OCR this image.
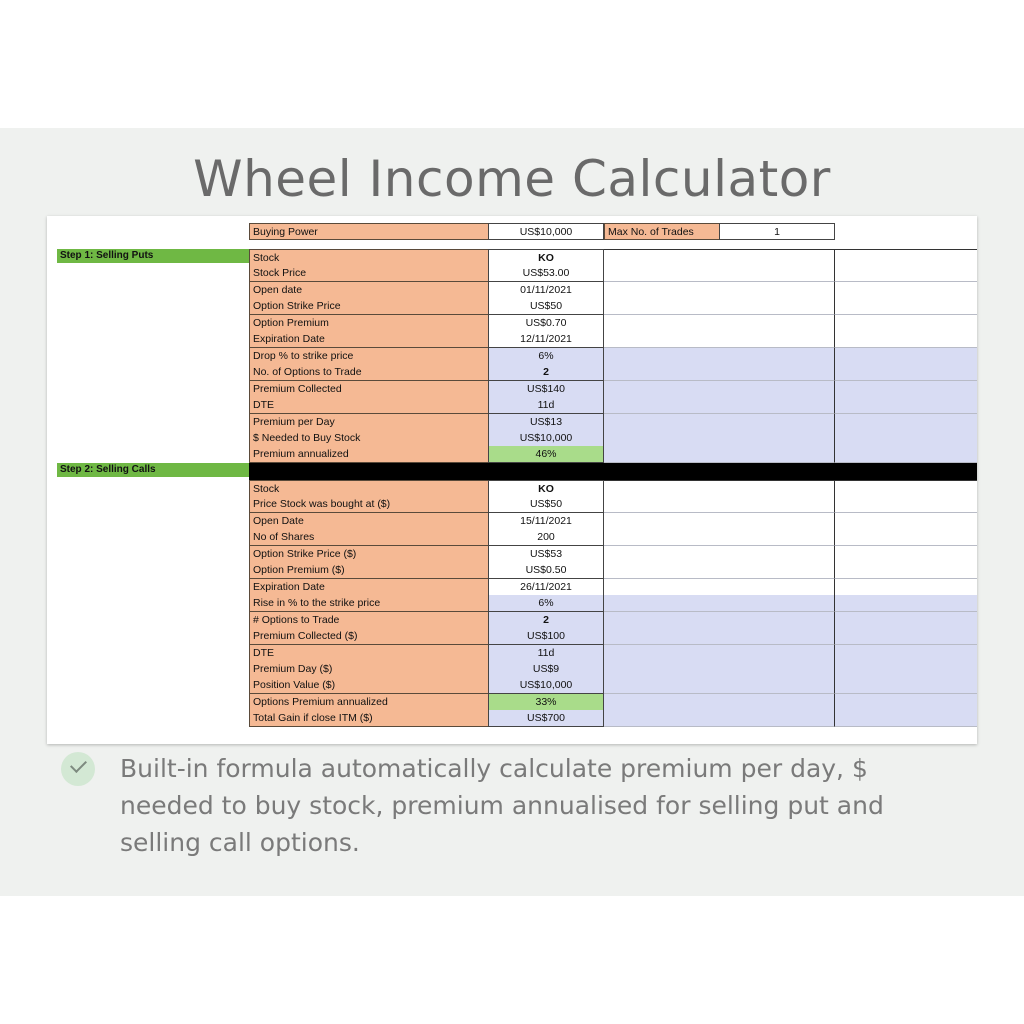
Wheel Income Calculator
Buying Power	US$10,000	Max No. of Trades	1
Step 1: Selling Puts
Step 2: Selling Calls
Stock	KO
Stock Price	US$53.00
Open date	01/11/2021
Option Strike Price	US$50
Option Premium	US$0.70
Expiration Date	12/11/2021
Drop % to strike price	6%
No. of Options to Trade	2
Premium Collected	US$140
DTE	11d
Premium per Day	US$13
$ Needed to Buy Stock	US$10,000
Premium annualized	46%
Stock	KO
Price Stock was bought at ($)	US$50
Open Date	15/11/2021
No of Shares	200
Option Strike Price ($)	US$53
Option Premium ($)	US$0.50
Expiration Date	26/11/2021
Rise in % to the strike price	6%
# Options to Trade	2
Premium Collected ($)	US$100
DTE	11d
Premium Day ($)	US$9
Position Value ($)	US$10,000
Options Premium annualized	33%
Total Gain if close ITM ($)	US$700
Built-in formula automatically calculate premium per day, $ needed to buy stock, premium annualised for selling put and selling call options.
